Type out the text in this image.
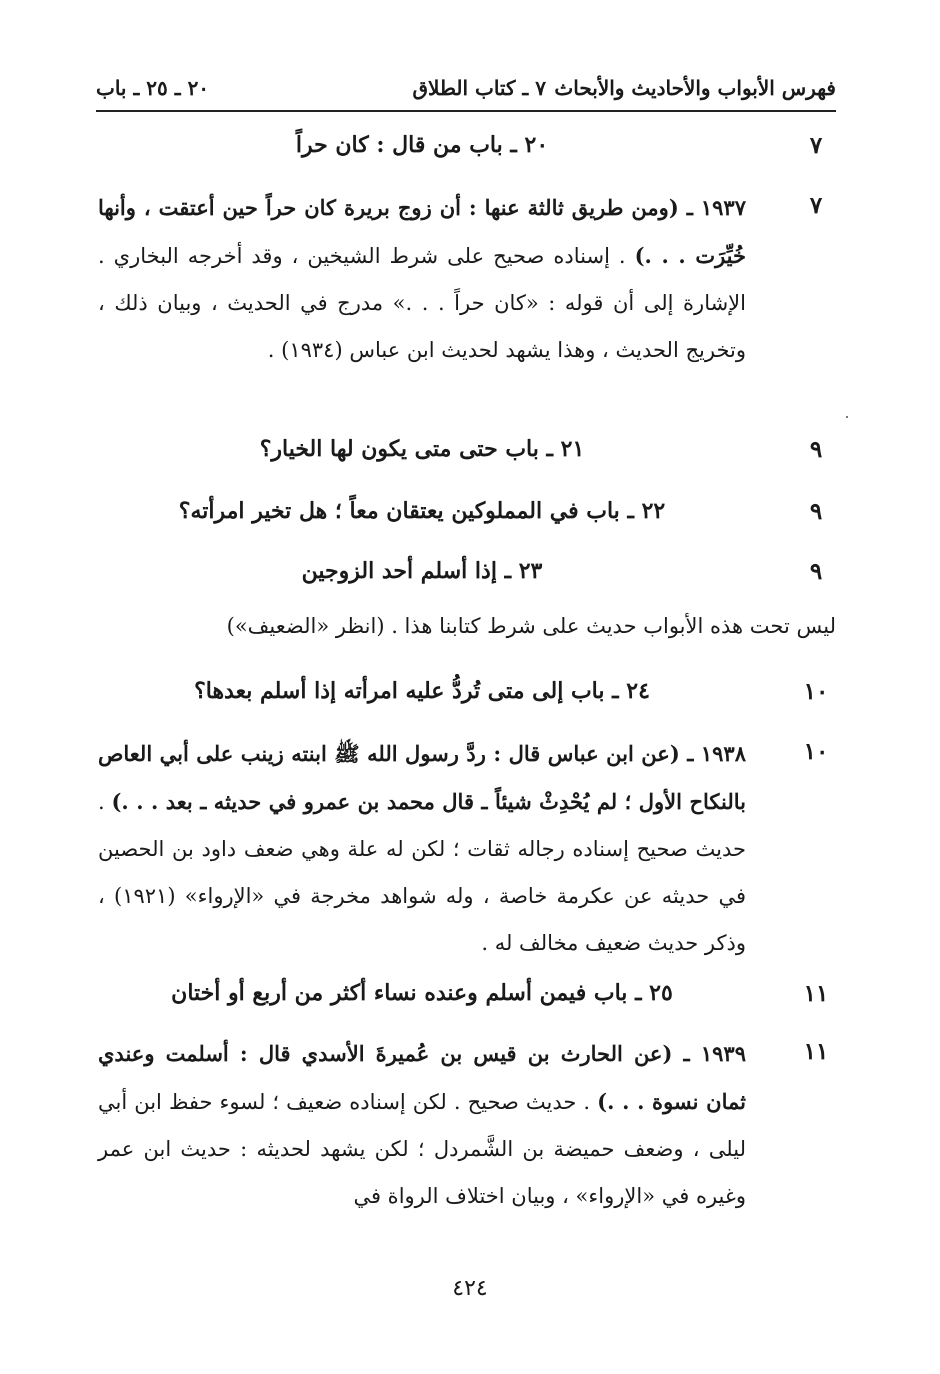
فهرس الأبواب والأحاديث والأبحاث
٧ ـ كتاب الطلاق
٢٠ ـ ٢٥ ـ باب
٧
٢٠ ـ باب من قال : كان حراً
٧
١٩٣٧ ـ (ومن طريق ثالثة عنها : أن زوج بريرة كان حراً حين أعتقت ، وأنها خُيِّرَت . . .) . إسناده صحيح على شرط الشيخين ، وقد أخرجه البخاري . الإشارة إلى أن قوله : «كان حراً . . .» مدرج في الحديث ، وبيان ذلك ، وتخريج الحديث ، وهذا يشهد لحديث ابن عباس (١٩٣٤) .
٩
٢١ ـ باب حتى متى يكون لها الخيار؟
٩
٢٢ ـ باب في المملوكين يعتقان معاً ؛ هل تخير امرأته؟
٩
٢٣ ـ إذا أسلم أحد الزوجين
ليس تحت هذه الأبواب حديث على شرط كتابنا هذا . (انظر «الضعيف»)
١٠
٢٤ ـ باب إلى متى تُردُّ عليه امرأته إذا أسلم بعدها؟
١٠
١٩٣٨ ـ (عن ابن عباس قال : ردَّ رسول الله ﷺ ابنته زينب على أبي العاص بالنكاح الأول ؛ لم يُحْدِثْ شيئاً ـ قال محمد بن عمرو في حديثه ـ بعد . . .) . حديث صحيح إسناده رجاله ثقات ؛ لكن له علة وهي ضعف داود بن الحصين في حديثه عن عكرمة خاصة ، وله شواهد مخرجة في «الإرواء» (١٩٢١) ، وذكر حديث ضعيف مخالف له .
١١
٢٥ ـ باب فيمن أسلم وعنده نساء أكثر من أربع أو أختان
١١
١٩٣٩ ـ (عن الحارث بن قيس بن عُميرةَ الأسدي قال : أسلمت وعندي ثمان نسوة . . .) . حديث صحيح . لكن إسناده ضعيف ؛ لسوء حفظ ابن أبي ليلى ، وضعف حميضة بن الشَّمردل ؛ لكن يشهد لحديثه : حديث ابن عمر وغيره في «الإرواء» ، وبيان اختلاف الرواة في
٤٢٤
